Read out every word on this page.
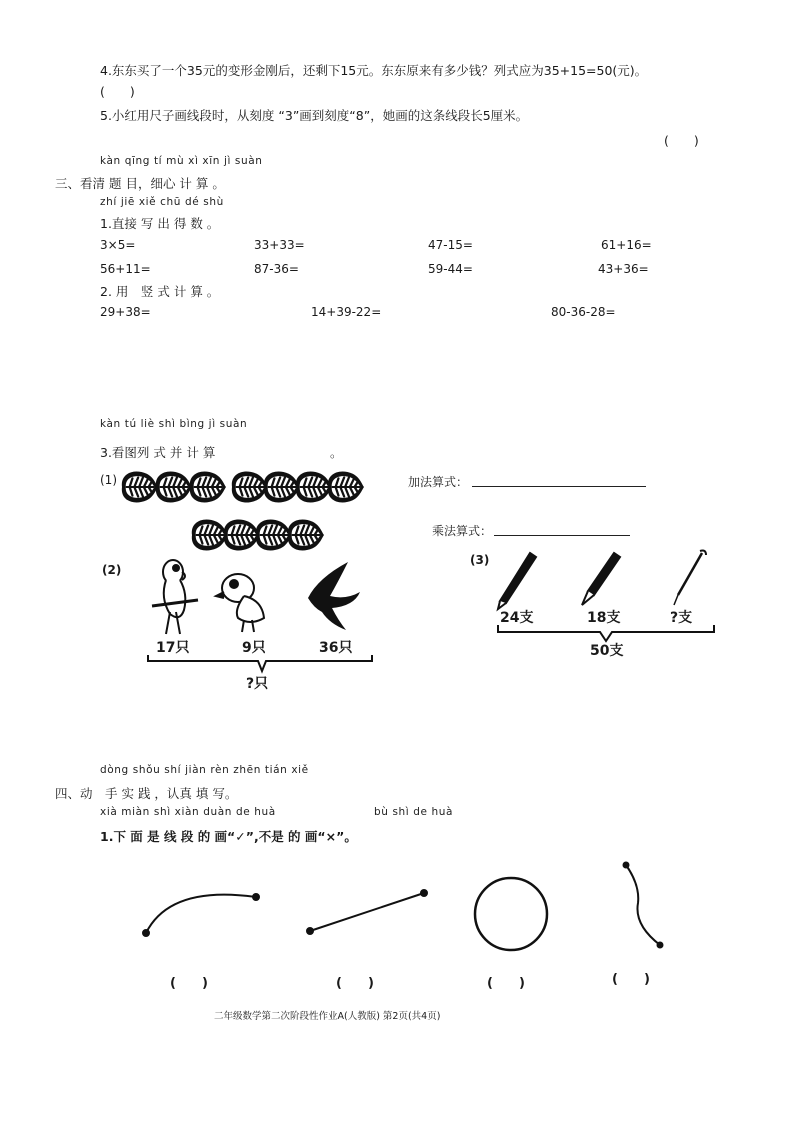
4.东东买了一个35元的变形金刚后，还剩下15元。东东原来有多少钱？列式应为35+15=50(元)。
(　　)
5.小红用尺子画线段时，从刻度 “3”画到刻度“8”，她画的这条线段长5厘米。
(　　)
kàn qīng tí mù xì xīn jì suàn
三、看清 题 目，细心 计 算 。
zhí jiē xiě chū dé shù
1.直接 写 出 得 数 。
3×5=	33+33=	47-15=	61+16=
56+11=	87-36=	59-44=	43+36=
2. 用　竖 式 计 算 。
29+38=	14+39-22=	80-36-28=
kàn tú liè shì bìng jì suàn
3.看图列 式 并 计 算	。
(1)	加法算式：
乘法算式：
(2)
17只	9只	36只
?只
(3)
24支	18支	?支
50支
dòng shǒu shí jiàn rèn zhēn tián xiě
四、动　手 实 践 ，认真 填 写。
xià miàn shì xiàn duàn de huà	bù shì de huà
1.下 面 是 线 段 的 画“✓”,不是 的 画“×”。
(　　)	(　　)	(　　)	(　　)
二年级数学第二次阶段性作业A(人教版) 第2页(共4页)
